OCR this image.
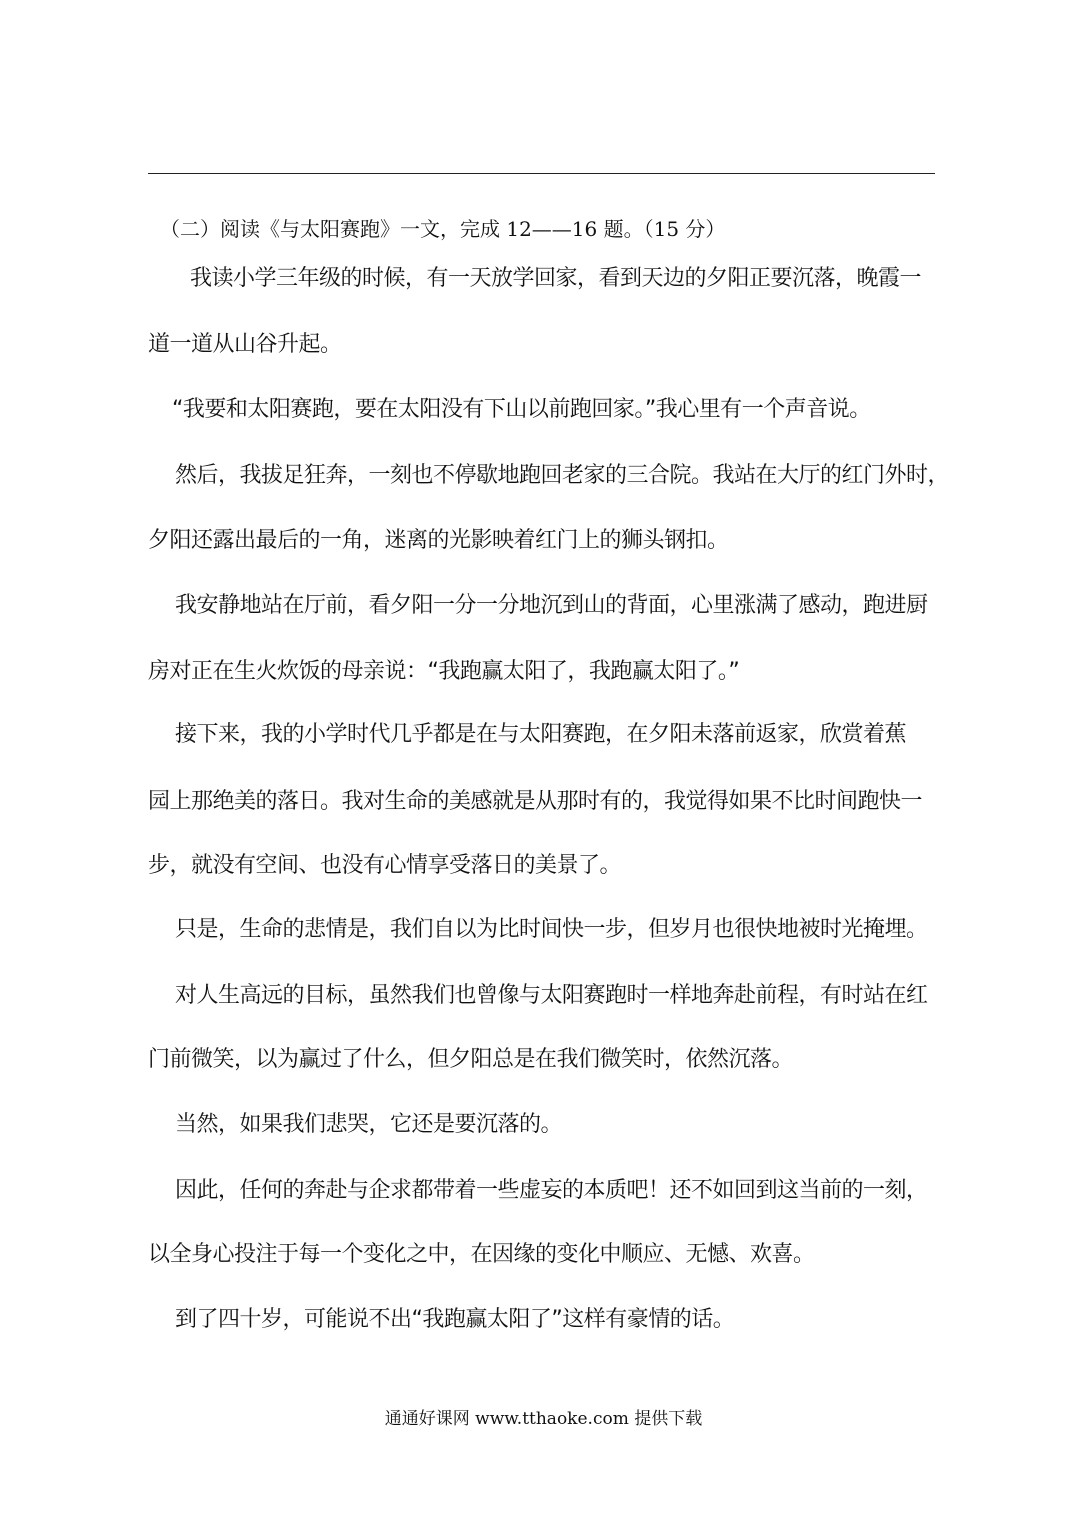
（二）阅读《与太阳赛跑》一文，完成 12——16 题。（15 分）
我读小学三年级的时候，有一天放学回家，看到天边的夕阳正要沉落，晚霞一
道一道从山谷升起。
“我要和太阳赛跑，要在太阳没有下山以前跑回家。”我心里有一个声音说。
然后，我拔足狂奔，一刻也不停歇地跑回老家的三合院。我站在大厅的红门外时，
夕阳还露出最后的一角，迷离的光影映着红门上的狮头钢扣。
我安静地站在厅前，看夕阳一分一分地沉到山的背面，心里涨满了感动，跑进厨
房对正在生火炊饭的母亲说：“我跑赢太阳了，我跑赢太阳了。”
接下来，我的小学时代几乎都是在与太阳赛跑，在夕阳未落前返家，欣赏着蕉
园上那绝美的落日。我对生命的美感就是从那时有的，我觉得如果不比时间跑快一
步，就没有空间、也没有心情享受落日的美景了。
只是，生命的悲情是，我们自以为比时间快一步，但岁月也很快地被时光掩埋。
对人生高远的目标，虽然我们也曾像与太阳赛跑时一样地奔赴前程，有时站在红
门前微笑，以为赢过了什么，但夕阳总是在我们微笑时，依然沉落。
当然，如果我们悲哭，它还是要沉落的。
因此，任何的奔赴与企求都带着一些虚妄的本质吧！还不如回到这当前的一刻，
以全身心投注于每一个变化之中，在因缘的变化中顺应、无憾、欢喜。
到了四十岁，可能说不出“我跑赢太阳了”这样有豪情的话。
通通好课网 www.tthaoke.com 提供下载
